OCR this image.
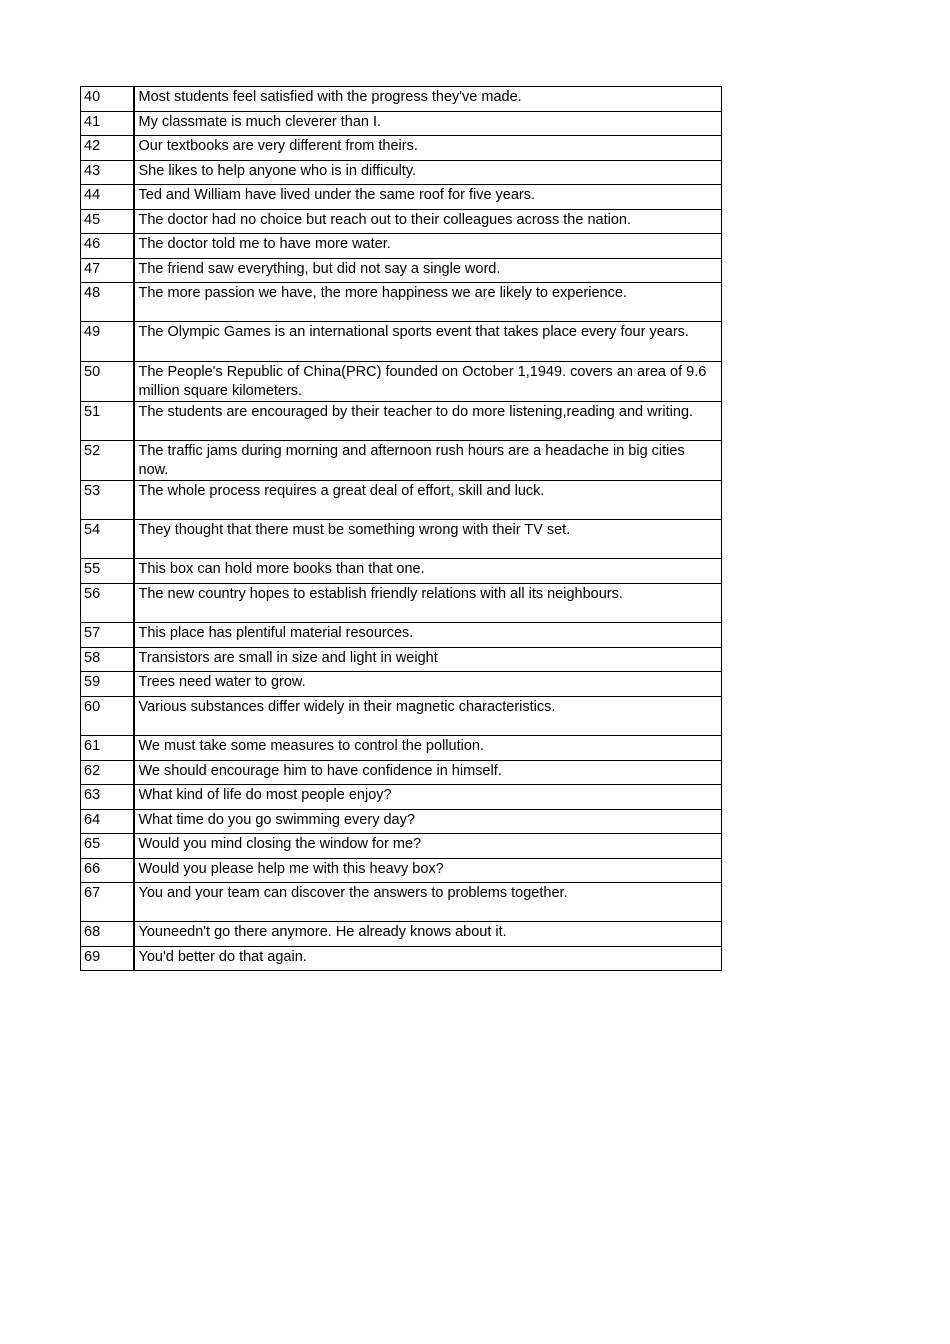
40	Most students feel satisfied with the progress they've made.
41	My classmate is much cleverer than I.
42	Our textbooks are very different from theirs.
43	She likes to help anyone who is in difficulty.
44	Ted and William have lived under the same roof for five years.
45	The doctor had no choice but reach out to their colleagues across the nation.
46	The doctor told me to have more water.
47	The friend saw everything, but did not say a single word.
48	The more passion we have, the more happiness we are likely to experience.
49	The Olympic Games is an international sports event that takes place every four years.
50	The People's Republic of China(PRC) founded on October 1,1949. covers an area of 9.6 million square kilometers.
51	The students are encouraged by their teacher to do more listening,reading and writing.
52	The traffic jams during morning and afternoon rush hours are a headache in big cities now.
53	The whole process requires a great deal of effort, skill and luck.
54	They thought that there must be something wrong with their TV set.
55	This box can hold more books than that one.
56	The new country hopes to establish friendly relations with all its neighbours.
57	This place has plentiful material resources.
58	Transistors are small in size and light in weight
59	Trees need water to grow.
60	Various substances differ widely in their magnetic characteristics.
61	We must take some measures to control the pollution.
62	We should encourage him to have confidence in himself.
63	What kind of life do most people enjoy?
64	What time do you go swimming every day?
65	Would you mind closing the window for me?
66	Would you please help me with this heavy box?
67	You and your team can discover the answers to problems together.
68	Youneedn't go there anymore. He already knows about it.
69	You'd better do that again.
